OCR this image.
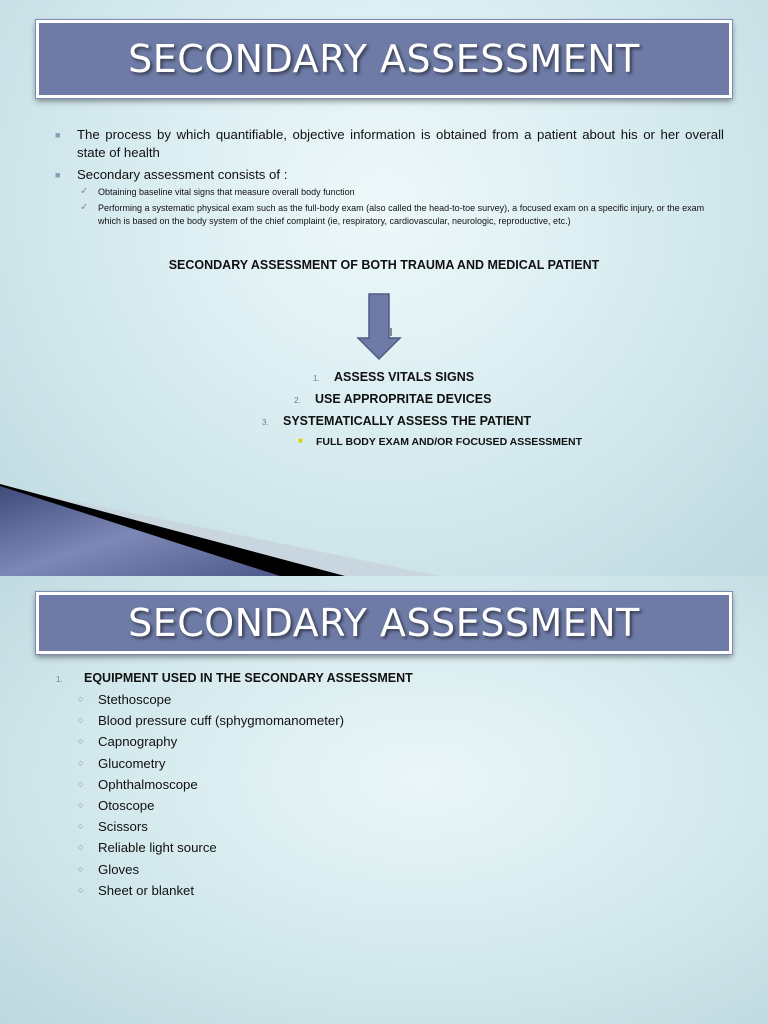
SECONDARY ASSESSMENT
■ The process by which quantifiable, objective information is obtained from a patient about his or her overall state of health
■ Secondary assessment consists of :
✓ Obtaining baseline vital signs that measure overall body function
✓ Performing a systematic physical exam such as the full-body exam (also called the head-to-toe survey), a focused exam on a specific injury, or the exam which is based on the body system of the chief complaint (ie, respiratory, cardiovascular, neurologic, reproductive, etc.)
SECONDARY ASSESSMENT OF BOTH TRAUMA AND MEDICAL PATIENT
1. ASSESS VITALS SIGNS
2. USE APPROPRITAE DEVICES
3. SYSTEMATICALLY ASSESS THE PATIENT
■ FULL BODY EXAM AND/OR FOCUSED ASSESSMENT
SECONDARY ASSESSMENT
1. EQUIPMENT USED IN THE SECONDARY ASSESSMENT
○ Stethoscope
○ Blood pressure cuff (sphygmomanometer)
○ Capnography
○ Glucometry
○ Ophthalmoscope
○ Otoscope
○ Scissors
○ Reliable light source
○ Gloves
○ Sheet or blanket
